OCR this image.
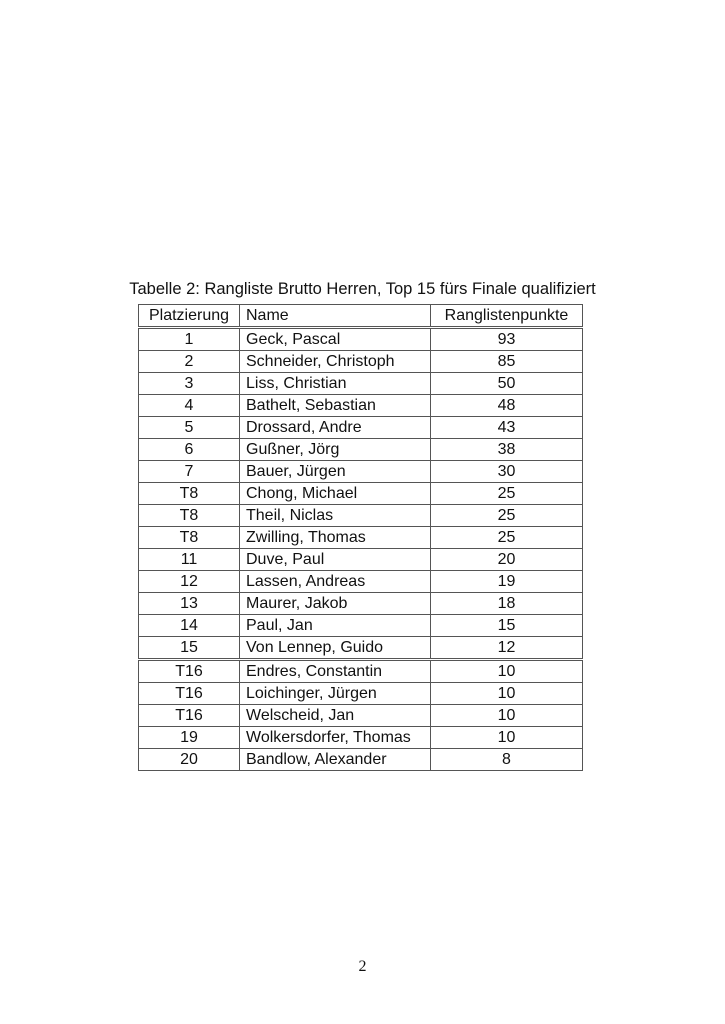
Tabelle 2: Rangliste Brutto Herren, Top 15 fürs Finale qualifiziert
Platzierung	Name	Ranglistenpunkte
1	Geck, Pascal	93
2	Schneider, Christoph	85
3	Liss, Christian	50
4	Bathelt, Sebastian	48
5	Drossard, Andre	43
6	Gußner, Jörg	38
7	Bauer, Jürgen	30
T8	Chong, Michael	25
T8	Theil, Niclas	25
T8	Zwilling, Thomas	25
11	Duve, Paul	20
12	Lassen, Andreas	19
13	Maurer, Jakob	18
14	Paul, Jan	15
15	Von Lennep, Guido	12
T16	Endres, Constantin	10
T16	Loichinger, Jürgen	10
T16	Welscheid, Jan	10
19	Wolkersdorfer, Thomas	10
20	Bandlow, Alexander	8
2
